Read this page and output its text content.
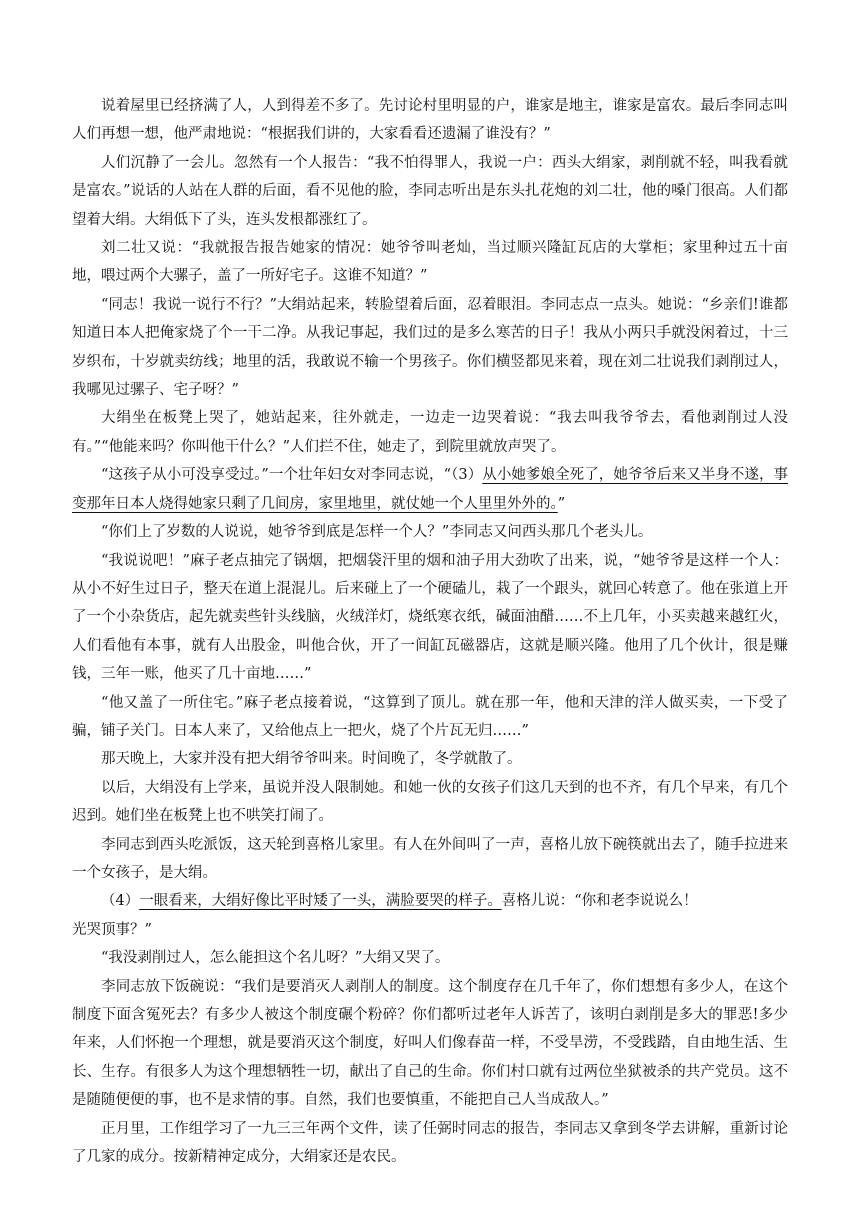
说着屋里已经挤满了人，人到得差不多了。先讨论村里明显的户，谁家是地主，谁家是富农。最后李同志叫人们再想一想，他严肃地说：“根据我们讲的，大家看看还遗漏了谁没有？”

人们沉静了一会儿。忽然有一个人报告：“我不怕得罪人，我说一户：西头大绢家，剥削就不轻，叫我看就是富农。”说话的人站在人群的后面，看不见他的脸，李同志听出是东头扎花炮的刘二壮，他的嗓门很高。人们都望着大绢。大绢低下了头，连头发根都涨红了。

刘二壮又说：“我就报告报告她家的情况：她爷爷叫老灿，当过顺兴隆缸瓦店的大掌柜；家里种过五十亩地，喂过两个大骡子，盖了一所好宅子。这谁不知道？”

“同志！我说一说行不行？”大绢站起来，转脸望着后面，忍着眼泪。李同志点一点头。她说：“乡亲们!谁都知道日本人把俺家烧了个一干二净。从我记事起，我们过的是多么寒苦的日子！我从小两只手就没闲着过，十三岁织布，十岁就卖纺线；地里的活，我敢说不输一个男孩子。你们横竖都见来着，现在刘二壮说我们剥削过人，我哪见过骡子、宅子呀？”

大绢坐在板凳上哭了，她站起来，往外就走，一边走一边哭着说：“我去叫我爷爷去，看他剥削过人没有。”“他能来吗？你叫他干什么？”人们拦不住，她走了，到院里就放声哭了。

“这孩子从小可没享受过。”一个壮年妇女对李同志说，“（3）从小她爹娘全死了，她爷爷后来又半身不遂，事变那年日本人烧得她家只剩了几间房，家里地里，就仗她一个人里里外外的。”

“你们上了岁数的人说说，她爷爷到底是怎样一个人？”李同志又问西头那几个老头儿。

“我说说吧！”麻子老点抽完了锅烟，把烟袋汗里的烟和油子用大劲吹了出来，说，“她爷爷是这样一个人：从小不好生过日子，整天在道上混混儿。后来碰上了一个硬磕儿，栽了一个跟头，就回心转意了。他在张道上开了一个小杂货店，起先就卖些针头线脑，火绒洋灯，烧纸寒衣纸，碱面油醋……不上几年，小买卖越来越红火，人们看他有本事，就有人出股金，叫他合伙，开了一间缸瓦磁器店，这就是顺兴隆。他用了几个伙计，很是赚钱，三年一账，他买了几十亩地……”

“他又盖了一所住宅。”麻子老点接着说，“这算到了顶儿。就在那一年，他和天津的洋人做买卖，一下受了骗，铺子关门。日本人来了，又给他点上一把火，烧了个片瓦无归……”

那天晚上，大家并没有把大绢爷爷叫来。时间晚了，冬学就散了。

以后，大绢没有上学来，虽说并没人限制她。和她一伙的女孩子们这几天到的也不齐，有几个早来，有几个迟到。她们坐在板凳上也不哄笑打闹了。

李同志到西头吃派饭，这天轮到喜格儿家里。有人在外间叫了一声，喜格儿放下碗筷就出去了，随手拉进来一个女孩子，是大绢。

（4）一眼看来，大绢好像比平时矮了一头，满脸要哭的样子。喜格儿说：“你和老李说说么！

光哭顶事？”

“我没剥削过人，怎么能担这个名儿呀？”大绢又哭了。

李同志放下饭碗说：“我们是要消灭人剥削人的制度。这个制度存在几千年了，你们想想有多少人，在这个制度下面含冤死去？有多少人被这个制度碾个粉碎？你们都听过老年人诉苦了，该明白剥削是多大的罪恶!多少年来，人们怀抱一个理想，就是要消灭这个制度，好叫人们像春苗一样，不受旱涝，不受践踏，自由地生活、生长、生存。有很多人为这个理想牺牲一切，献出了自己的生命。你们村口就有过两位坐狱被杀的共产党员。这不是随随便便的事，也不是求情的事。自然，我们也要慎重，不能把自己人当成敌人。”

正月里，工作组学习了一九三三年两个文件，读了任弼时同志的报告，李同志又拿到冬学去讲解，重新讨论了几家的成分。按新精神定成分，大绢家还是农民。
